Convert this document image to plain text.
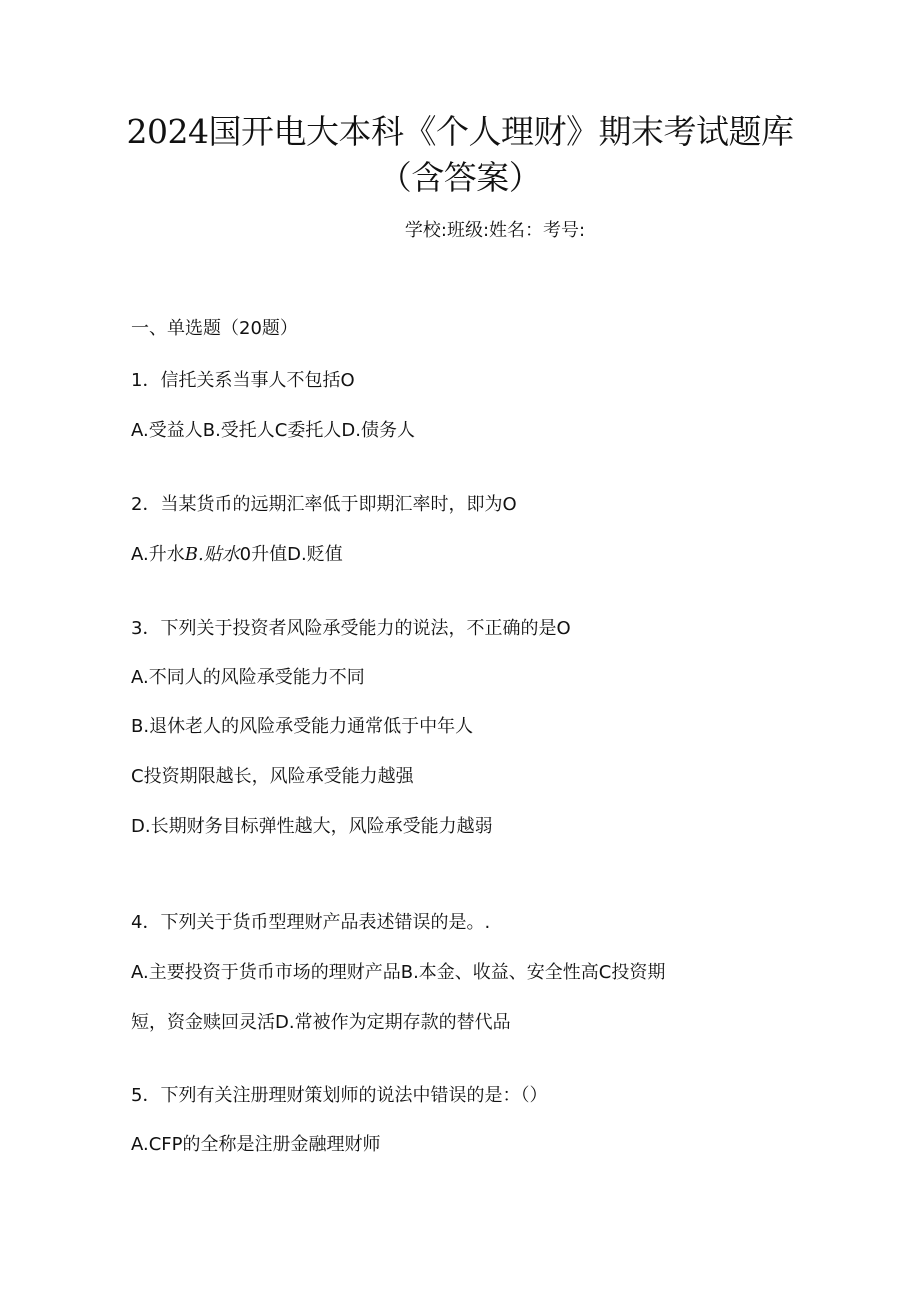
2024国开电大本科《个人理财》期末考试题库
（含答案）
学校:班级:姓名：考号:
一、单选题（20题）
1．信托关系当事人不包括O
A.受益人B.受托人C委托人D.债务人
2．当某货币的远期汇率低于即期汇率时，即为O
A.升水B.贴水0升值D.贬值
3．下列关于投资者风险承受能力的说法，不正确的是O
A.不同人的风险承受能力不同
B.退休老人的风险承受能力通常低于中年人
C投资期限越长，风险承受能力越强
D.长期财务目标弹性越大，风险承受能力越弱
4．下列关于货币型理财产品表述错误的是。.
A.主要投资于货币市场的理财产品B.本金、收益、安全性高C投资期
短，资金赎回灵活D.常被作为定期存款的替代品
5．下列有关注册理财策划师的说法中错误的是：（）
A.CFP的全称是注册金融理财师
